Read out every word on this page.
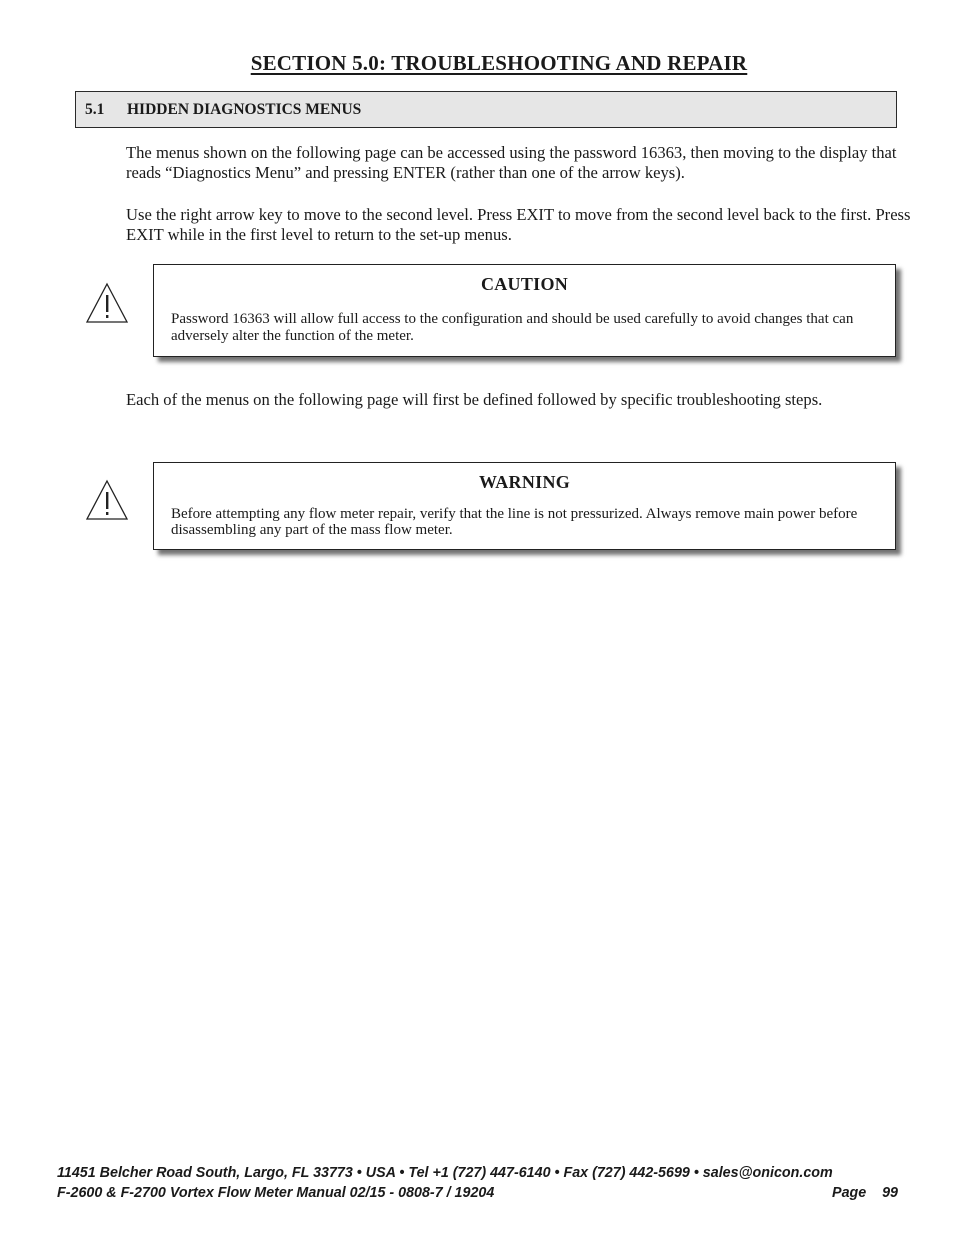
SECTION 5.0: TROUBLESHOOTING AND REPAIR
5.1 HIDDEN DIAGNOSTICS MENUS

The menus shown on the following page can be accessed using the password 16363, then moving to the display that reads “Diagnostics Menu” and pressing ENTER (rather than one of the arrow keys).

Use the right arrow key to move to the second level. Press EXIT to move from the second level back to the first. Press EXIT while in the first level to return to the set-up menus.

CAUTION

Password 16363 will allow full access to the configuration and should be used carefully to avoid changes that can adversely alter the function of the meter.

Each of the menus on the following page will first be defined followed by specific troubleshooting steps.

WARNING

Before attempting any flow meter repair, verify that the line is not pressurized. Always remove main power before disassembling any part of the mass flow meter.

11451 Belcher Road South, Largo, FL 33773 • USA • Tel +1 (727) 447-6140 • Fax (727) 442-5699 • sales@onicon.com
F-2600 & F-2700 Vortex Flow Meter Manual 02/15 - 0808-7 / 19204	Page    99
